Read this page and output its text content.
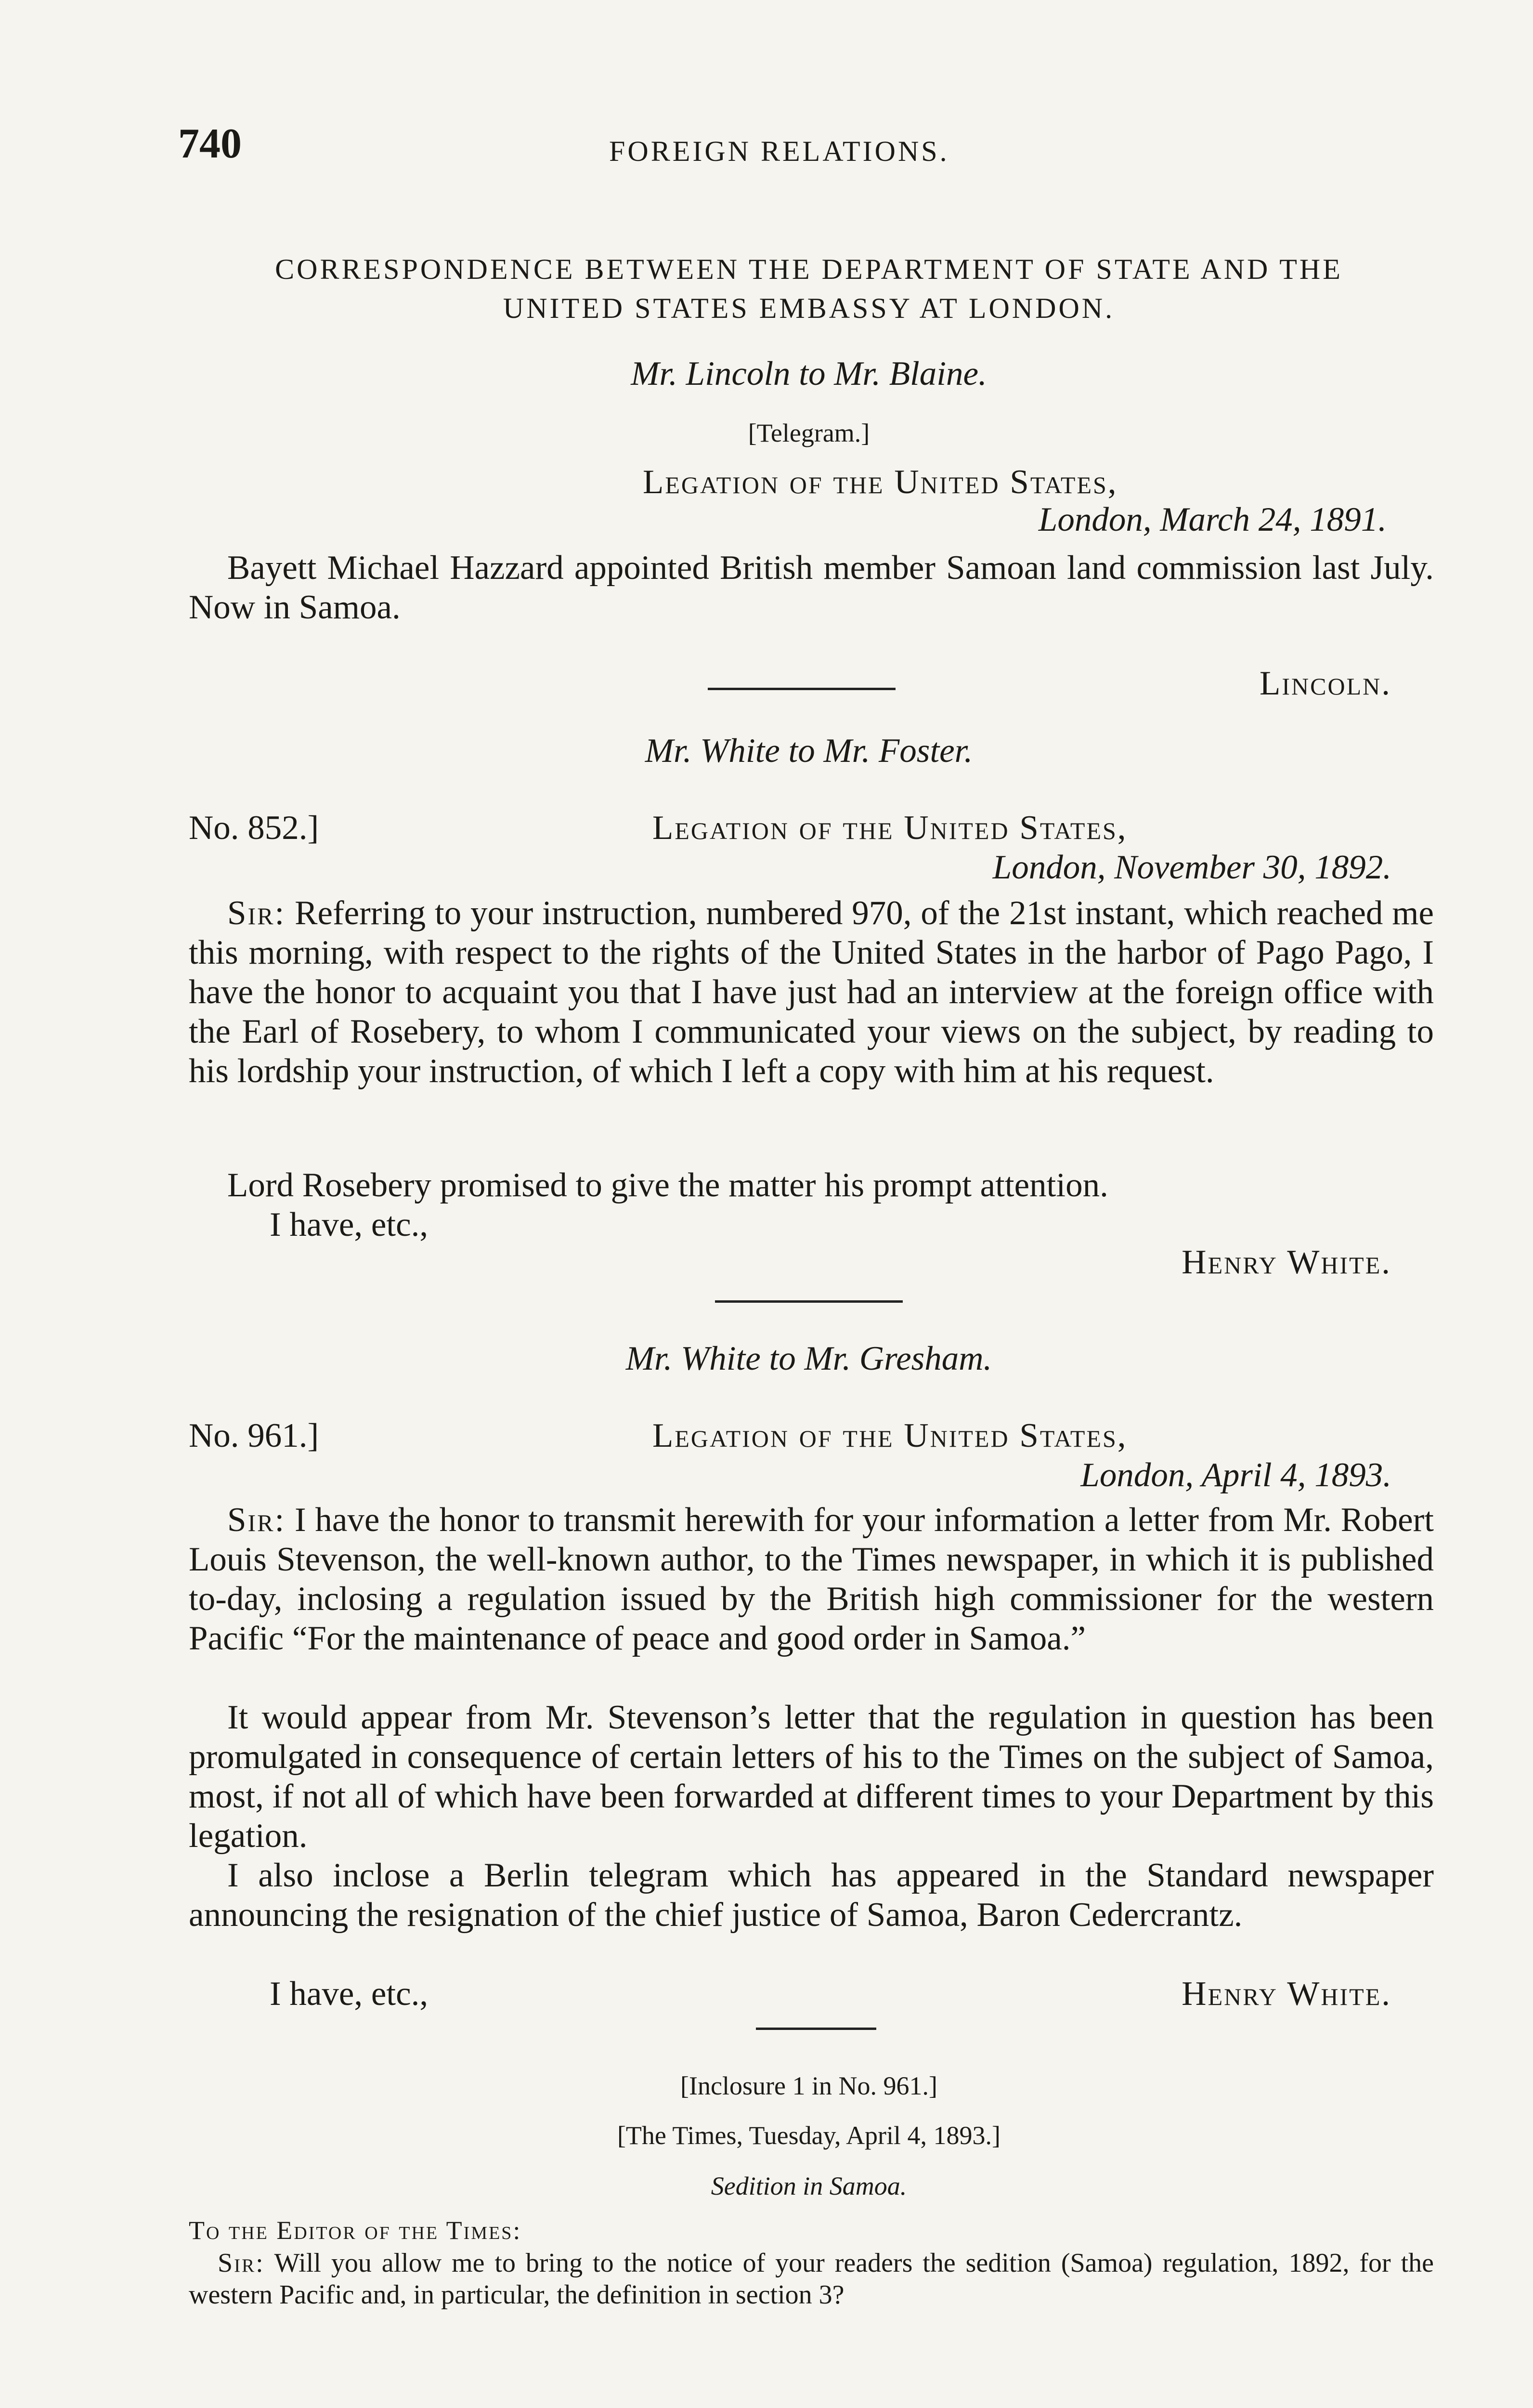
740	FOREIGN RELATIONS.
CORRESPONDENCE BETWEEN THE DEPARTMENT OF STATE AND THE
UNITED STATES EMBASSY AT LONDON.
Mr. Lincoln to Mr. Blaine.
[Telegram.]
Legation of the United States,
London, March 24, 1891.
Bayett Michael Hazzard appointed British member Samoan land commission last July. Now in Samoa.
Lincoln.
Mr. White to Mr. Foster.
No. 852.]	Legation of the United States,
London, November 30, 1892.
Sir: Referring to your instruction, numbered 970, of the 21st instant, which reached me this morning, with respect to the rights of the United States in the harbor of Pago Pago, I have the honor to acquaint you that I have just had an interview at the foreign office with the Earl of Rosebery, to whom I communicated your views on the subject, by reading to his lordship your instruction, of which I left a copy with him at his request.
Lord Rosebery promised to give the matter his prompt attention.
I have, etc.,
Henry White.
Mr. White to Mr. Gresham.
No. 961.]	Legation of the United States,
London, April 4, 1893.
Sir: I have the honor to transmit herewith for your information a letter from Mr. Robert Louis Stevenson, the well-known author, to the Times newspaper, in which it is published to-day, inclosing a regulation issued by the British high commissioner for the western Pacific “For the maintenance of peace and good order in Samoa.”
It would appear from Mr. Stevenson’s letter that the regulation in question has been promulgated in consequence of certain letters of his to the Times on the subject of Samoa, most, if not all of which have been forwarded at different times to your Department by this legation.
I also inclose a Berlin telegram which has appeared in the Standard newspaper announcing the resignation of the chief justice of Samoa, Baron Cedercrantz.
I have, etc.,	Henry White.
[Inclosure 1 in No. 961.]
[The Times, Tuesday, April 4, 1893.]
Sedition in Samoa.
To the Editor of the Times:
Sir: Will you allow me to bring to the notice of your readers the sedition (Samoa) regulation, 1892, for the western Pacific and, in particular, the definition in section 3?
